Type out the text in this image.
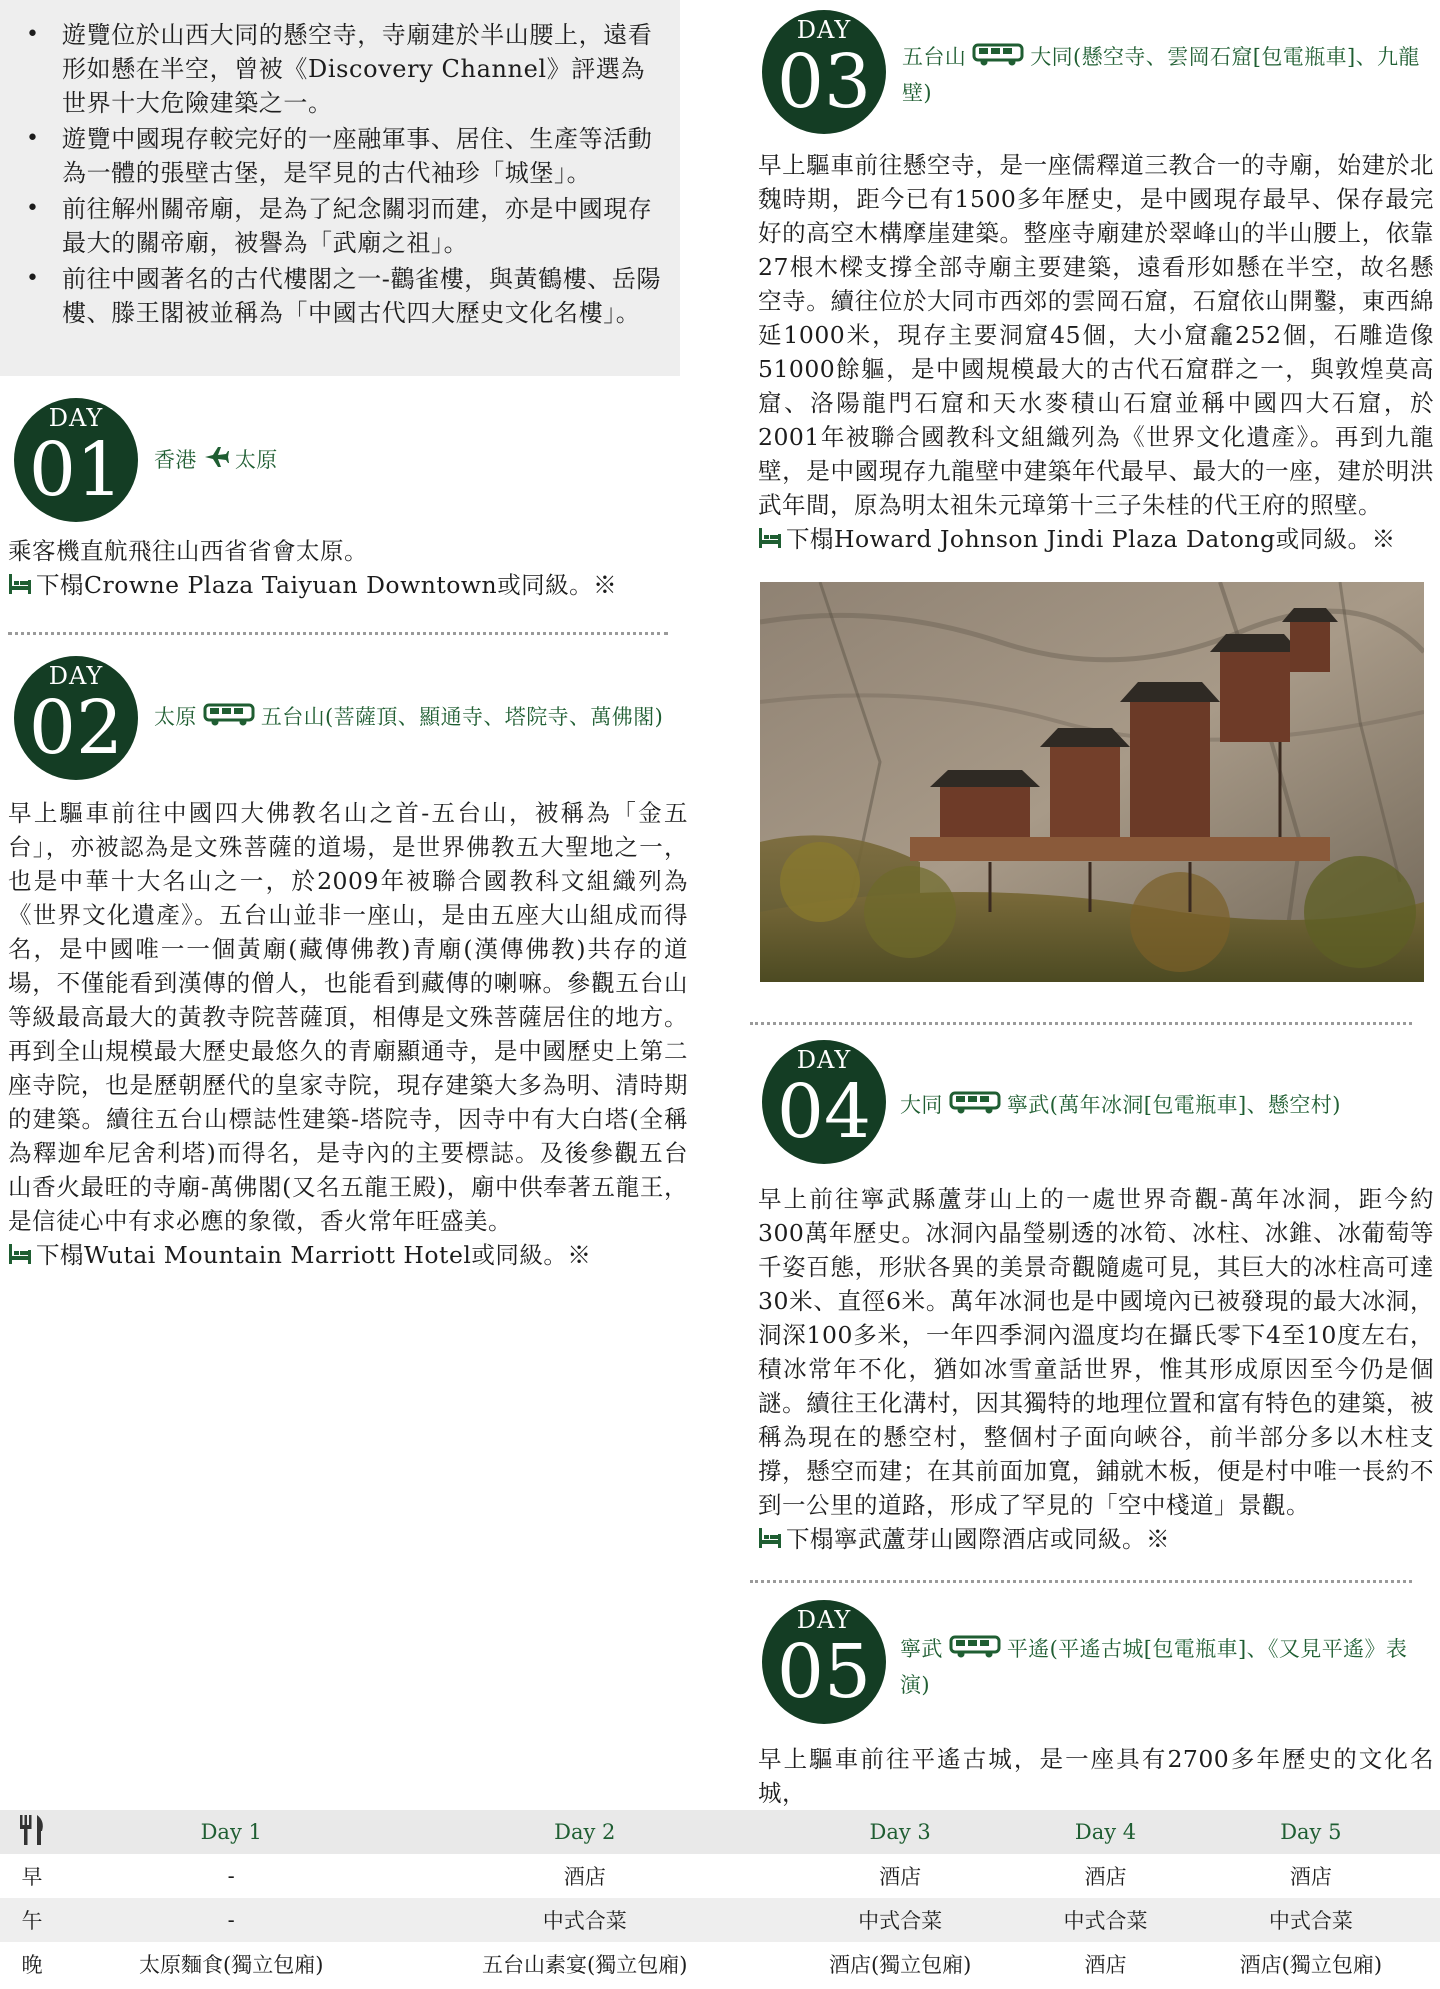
• 遊覽位於山西大同的懸空寺，寺廟建於半山腰上，遠看形如懸在半空，曾被《Discovery Channel》評選為世界十大危險建築之一。
• 遊覽中國現存較完好的一座融軍事、居住、生產等活動為一體的張壁古堡，是罕見的古代袖珍「城堡」。
• 前往解州關帝廟，是為了紀念關羽而建，亦是中國現存最大的關帝廟，被譽為「武廟之祖」。
• 前往中國著名的古代樓閣之一-鸛雀樓，與黃鶴樓、岳陽樓、滕王閣被並稱為「中國古代四大歷史文化名樓」。
DAY
01	香港 太原

乘客機直航飛往山西省省會太原。

下榻Crowne Plaza Taiyuan Downtown或同級。※

DAY
02	太原	五台山(菩薩頂、顯通寺、塔院寺、萬佛閣)

早上驅車前往中國四大佛教名山之首-五台山，被稱為「金五台」，亦被認為是文殊菩薩的道場，是世界佛教五大聖地之一，也是中華十大名山之一，於2009年被聯合國教科文組織列為《世界文化遺產》。五台山並非一座山，是由五座大山組成而得名，是中國唯一一個黃廟(藏傳佛教)青廟(漢傳佛教)共存的道場，不僅能看到漢傳的僧人，也能看到藏傳的喇嘛。參觀五台山等級最高最大的黃教寺院菩薩頂，相傳是文殊菩薩居住的地方。再到全山規模最大歷史最悠久的青廟顯通寺，是中國歷史上第二座寺院，也是歷朝歷代的皇家寺院，現存建築大多為明、清時期的建築。續往五台山標誌性建築-塔院寺，因寺中有大白塔(全稱為釋迦牟尼舍利塔)而得名，是寺內的主要標誌。及後參觀五台山香火最旺的寺廟-萬佛閣(又名五龍王殿)，廟中供奉著五龍王，是信徒心中有求必應的象徵，香火常年旺盛美。

下榻Wutai Mountain Marriott Hotel或同級。※

DAY
03	五台山	大同(懸空寺、雲岡石窟[包電瓶車]、九龍壁)

早上驅車前往懸空寺，是一座儒釋道三教合一的寺廟，始建於北魏時期，距今已有1500多年歷史，是中國現存最早、保存最完好的高空木構摩崖建築。整座寺廟建於翠峰山的半山腰上，依靠27根木樑支撐全部寺廟主要建築，遠看形如懸在半空，故名懸空寺。續往位於大同市西郊的雲岡石窟，石窟依山開鑿，東西綿延1000米，現存主要洞窟45個，大小窟龕252個，石雕造像51000餘軀，是中國規模最大的古代石窟群之一，與敦煌莫高窟、洛陽龍門石窟和天水麥積山石窟並稱中國四大石窟，於2001年被聯合國教科文組織列為《世界文化遺產》。再到九龍壁，是中國現存九龍壁中建築年代最早、最大的一座，建於明洪武年間，原為明太祖朱元璋第十三子朱桂的代王府的照壁。

下榻Howard Johnson Jindi Plaza Datong或同級。※

DAY
04	大同	寧武(萬年冰洞[包電瓶車]、懸空村)

早上前往寧武縣蘆芽山上的一處世界奇觀-萬年冰洞，距今約300萬年歷史。冰洞內晶瑩剔透的冰筍、冰柱、冰錐、冰葡萄等千姿百態，形狀各異的美景奇觀隨處可見，其巨大的冰柱高可達30米、直徑6米。萬年冰洞也是中國境內已被發現的最大冰洞，洞深100多米，一年四季洞內溫度均在攝氏零下4至10度左右，積冰常年不化，猶如冰雪童話世界，惟其形成原因至今仍是個謎。續往王化溝村，因其獨特的地理位置和富有特色的建築，被稱為現在的懸空村，整個村子面向峽谷，前半部分多以木柱支撐，懸空而建；在其前面加寬，鋪就木板，便是村中唯一長約不到一公里的道路，形成了罕見的「空中棧道」景觀。

下榻寧武蘆芽山國際酒店或同級。※

DAY
05	寧武	平遙(平遙古城[包電瓶車]、《又見平遙》表演)

早上驅車前往平遙古城，是一座具有2700多年歷史的文化名城，

	Day 1	Day 2	Day 3	Day 4	Day 5
早	-	酒店	酒店	酒店	酒店
午	-	中式合菜	中式合菜	中式合菜	中式合菜
晚	太原麵食(獨立包廂)	五台山素宴(獨立包廂)	酒店(獨立包廂)	酒店	酒店(獨立包廂)
